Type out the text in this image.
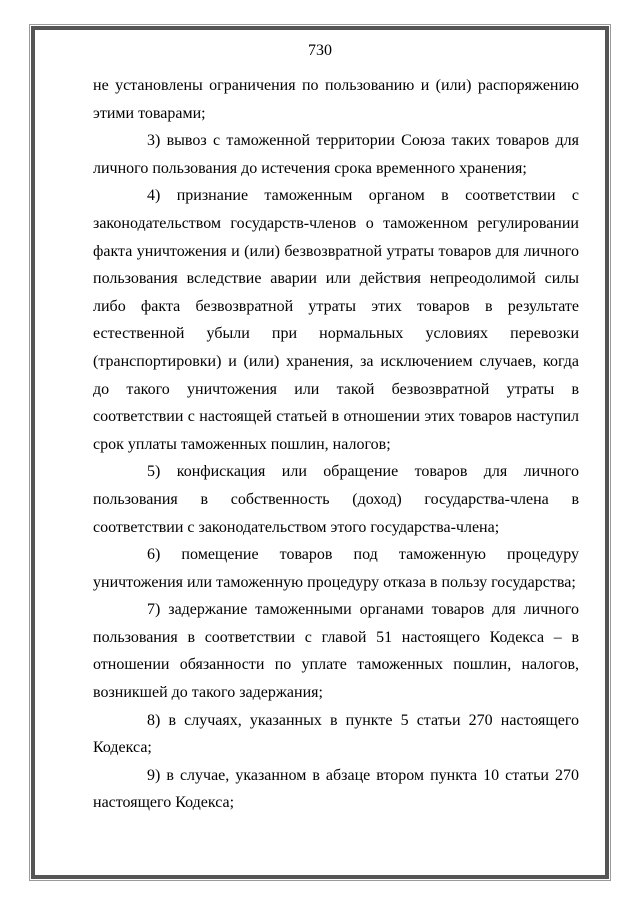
730

не установлены ограничения по пользованию и (или) распоряжению этими товарами;

3) вывоз с таможенной территории Союза таких товаров для личного пользования до истечения срока временного хранения;

4) признание таможенным органом в соответствии с законодательством государств-членов о таможенном регулировании факта уничтожения и (или) безвозвратной утраты товаров для личного пользования вследствие аварии или действия непреодолимой силы либо факта безвозвратной утраты этих товаров в результате естественной убыли при нормальных условиях перевозки (транспортировки) и (или) хранения, за исключением случаев, когда до такого уничтожения или такой безвозвратной утраты в соответствии с настоящей статьей в отношении этих товаров наступил срок уплаты таможенных пошлин, налогов;

5) конфискация или обращение товаров для личного пользования в собственность (доход) государства-члена в соответствии с законодательством этого государства-члена;

6) помещение товаров под таможенную процедуру уничтожения или таможенную процедуру отказа в пользу государства;

7) задержание таможенными органами товаров для личного пользования в соответствии с главой 51 настоящего Кодекса – в отношении обязанности по уплате таможенных пошлин, налогов, возникшей до такого задержания;

8) в случаях, указанных в пункте 5 статьи 270 настоящего Кодекса;

9) в случае, указанном в абзаце втором пункта 10 статьи 270 настоящего Кодекса;
